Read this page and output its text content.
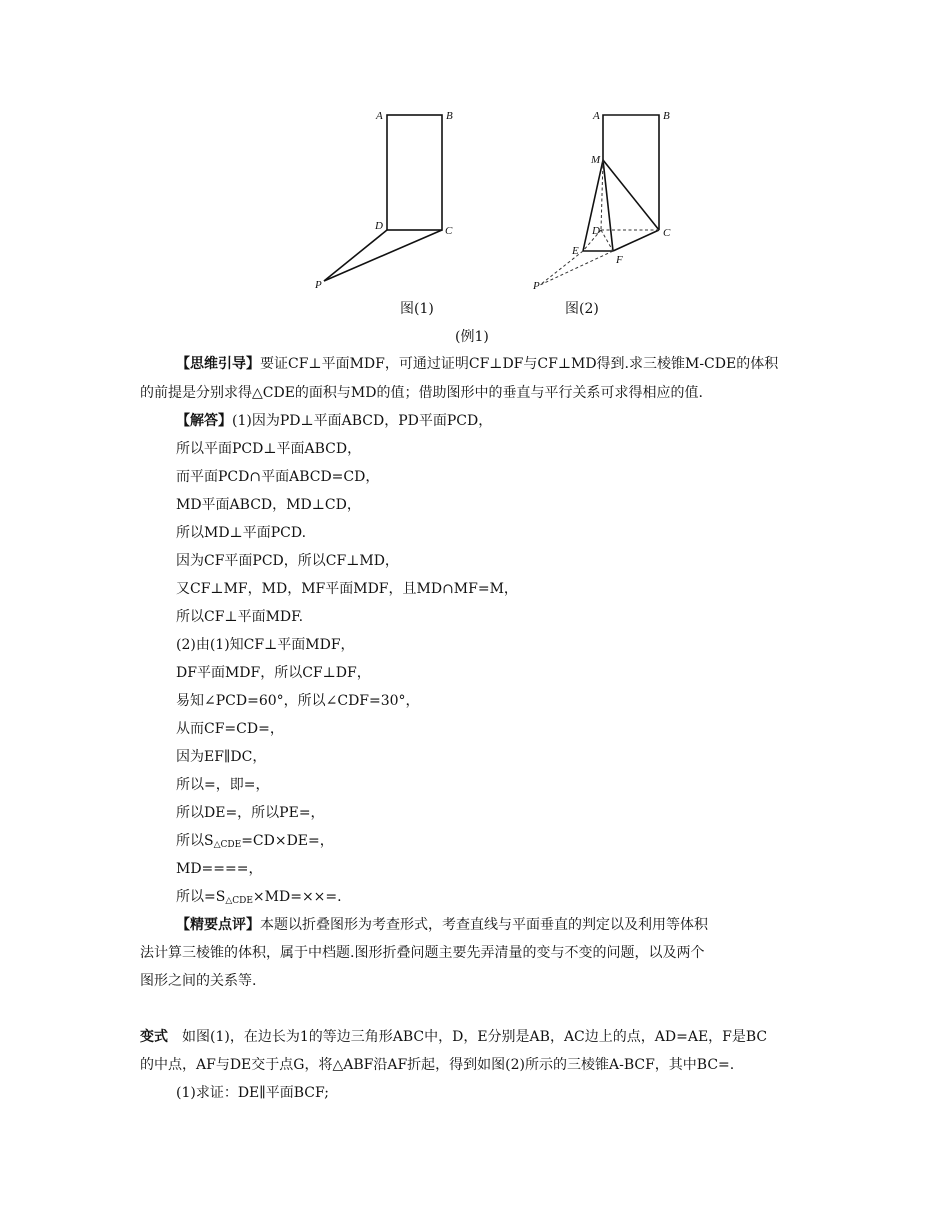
A	B
D	C
P
图(1)
A	B
M
D	C
E
F
P
图(2)
(例1)
【思维引导】要证CF⊥平面MDF，可通过证明CF⊥DF与CF⊥MD得到.求三棱锥M-CDE的体积
的前提是分别求得△CDE的面积与MD的值；借助图形中的垂直与平行关系可求得相应的值.
【解答】(1)因为PD⊥平面ABCD，PD平面PCD，
所以平面PCD⊥平面ABCD，
而平面PCD∩平面ABCD=CD，
MD平面ABCD，MD⊥CD，
所以MD⊥平面PCD.
因为CF平面PCD，所以CF⊥MD，
又CF⊥MF，MD，MF平面MDF，且MD∩MF=M，
所以CF⊥平面MDF.
(2)由(1)知CF⊥平面MDF，
DF平面MDF，所以CF⊥DF，
易知∠PCD=60°，所以∠CDF=30°，
从而CF=CD=，
因为EF∥DC，
所以=，即=，
所以DE=，所以PE=，
所以$S_{\triangle CDE}=CD\times DE=$，
MD====，
所以$=S_{\triangle CDE}\times MD=\times\times=$.
【精要点评】本题以折叠图形为考查形式，考查直线与平面垂直的判定以及利用等体积
法计算三棱锥的体积，属于中档题.图形折叠问题主要先弄清量的变与不变的问题，以及两个
图形之间的关系等.
变式 如图(1)，在边长为1的等边三角形ABC中，D，E分别是AB，AC边上的点，AD=AE，F是BC
的中点，AF与DE交于点G，将△ABF沿AF折起，得到如图(2)所示的三棱锥A-BCF，其中BC=.
(1)求证：DE∥平面BCF;
